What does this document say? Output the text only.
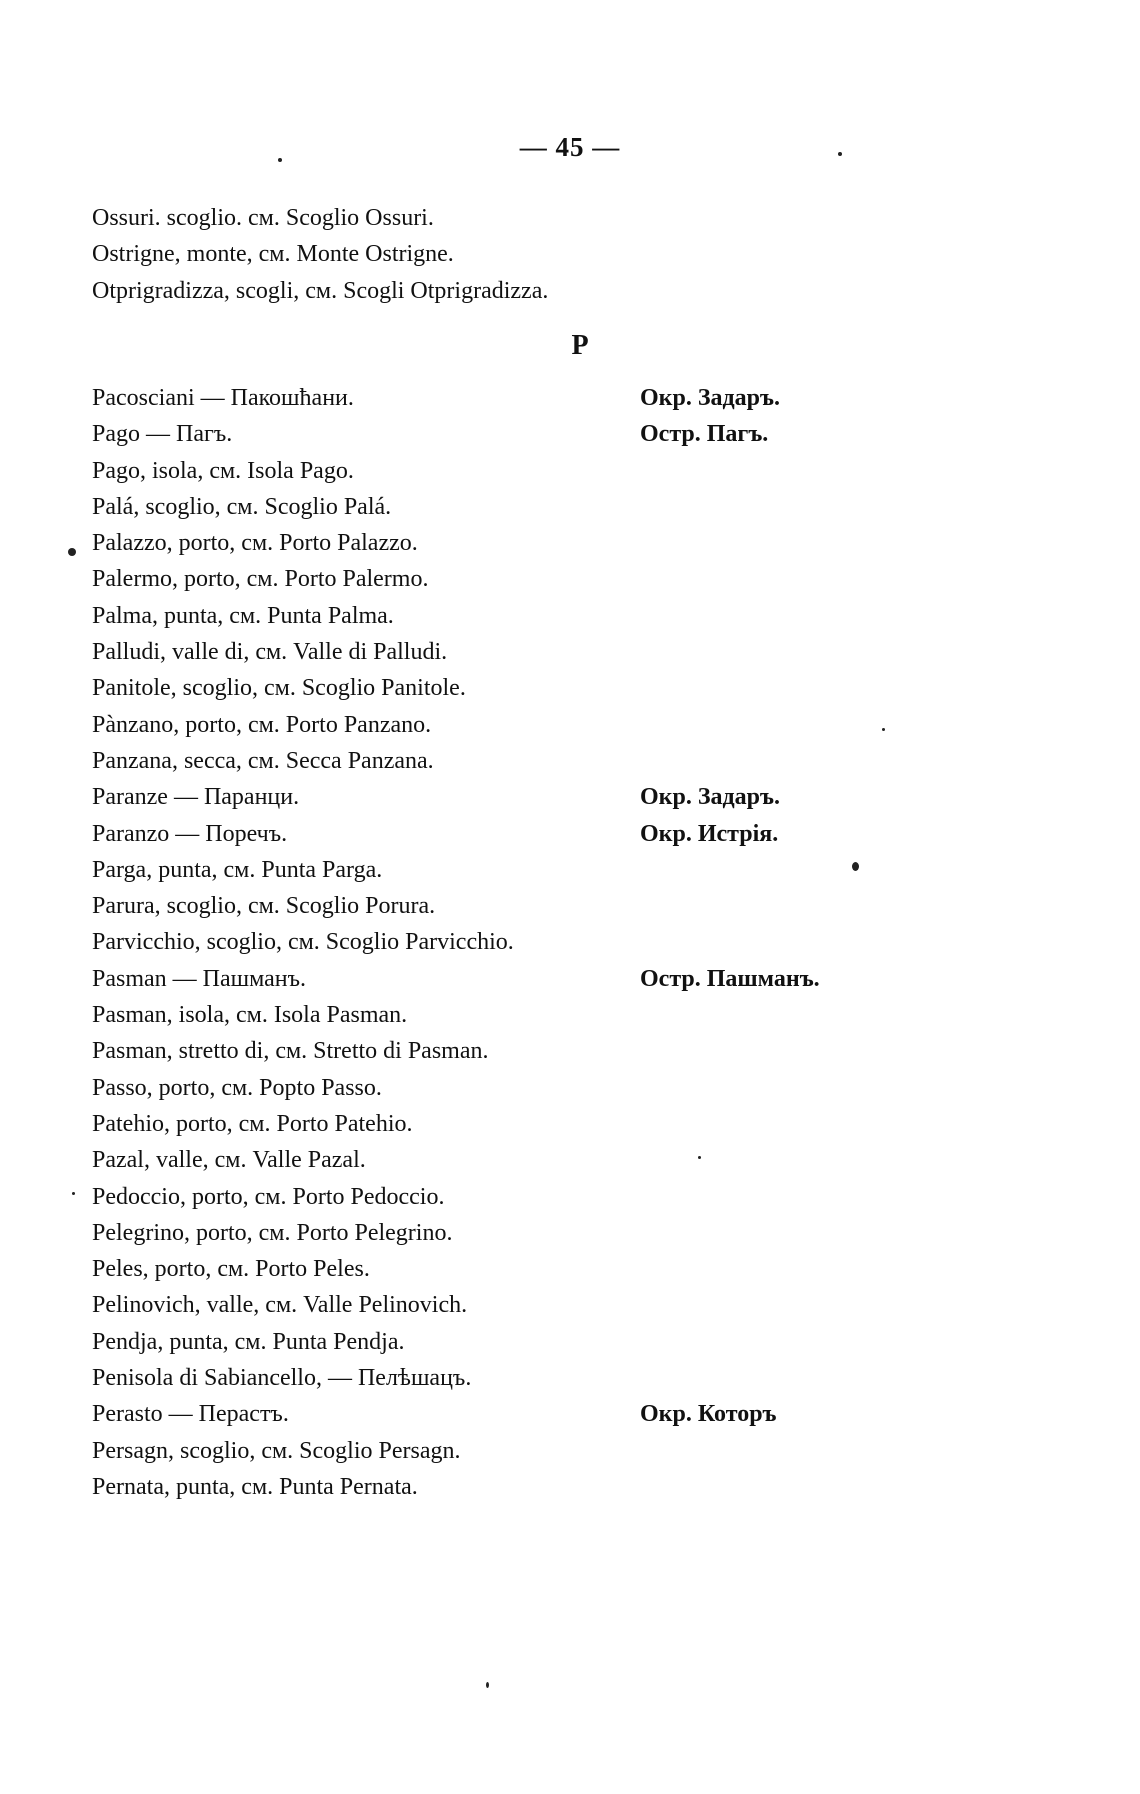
— 45 —
Ossuri. scoglio. см. Scoglio Ossuri.
Ostrigne, monte, см. Monte Ostrigne.
Otprigradizza, scogli, см. Scogli Otprigradizza.
P
Pacosciani — Пакошћани.	Окр. Задаръ.
Pago — Пагъ.	Остр. Пагъ.
Pago, isola, см. Isola Pago.
Palá, scoglio, см. Scoglio Palá.
Palazzo, porto, см. Porto Palazzo.
Palermo, porto, см. Porto Palermo.
Palma, punta, см. Punta Palma.
Palludi, valle di, см. Valle di Palludi.
Panitole, scoglio, см. Scoglio Panitole.
Pànzano, porto, см. Porto Panzano.
Panzana, secca, см. Secca Panzana.
Paranze — Паранци.	Окр. Задаръ.
Paranzo — Поречъ.	Окр. Истрія.
Parga, punta, см. Punta Parga.
Parura, scoglio, см. Scoglio Porura.
Parvicchio, scoglio, см. Scoglio Parvicchio.
Pasman — Пашманъ.	Остр. Пашманъ.
Pasman, isola, см. Isola Pasman.
Pasman, stretto di, см. Stretto di Pasman.
Passo, porto, см. Popto Passo.
Patehio, porto, см. Porto Patehio.
Pazal, valle, см. Valle Pazal.
Pedoccio, porto, см. Porto Pedoccio.
Pelegrino, porto, см. Porto Pelegrino.
Peles, porto, см. Porto Peles.
Pelinovich, valle, см. Valle Pelinovich.
Pendja, punta, см. Punta Pendja.
Penisola di Sabiancello, — Пелѣшацъ.
Perasto — Перастъ.	Окр. Которъ
Persagn, scoglio, см. Scoglio Persagn.
Pernata, punta, см. Punta Pernata.
